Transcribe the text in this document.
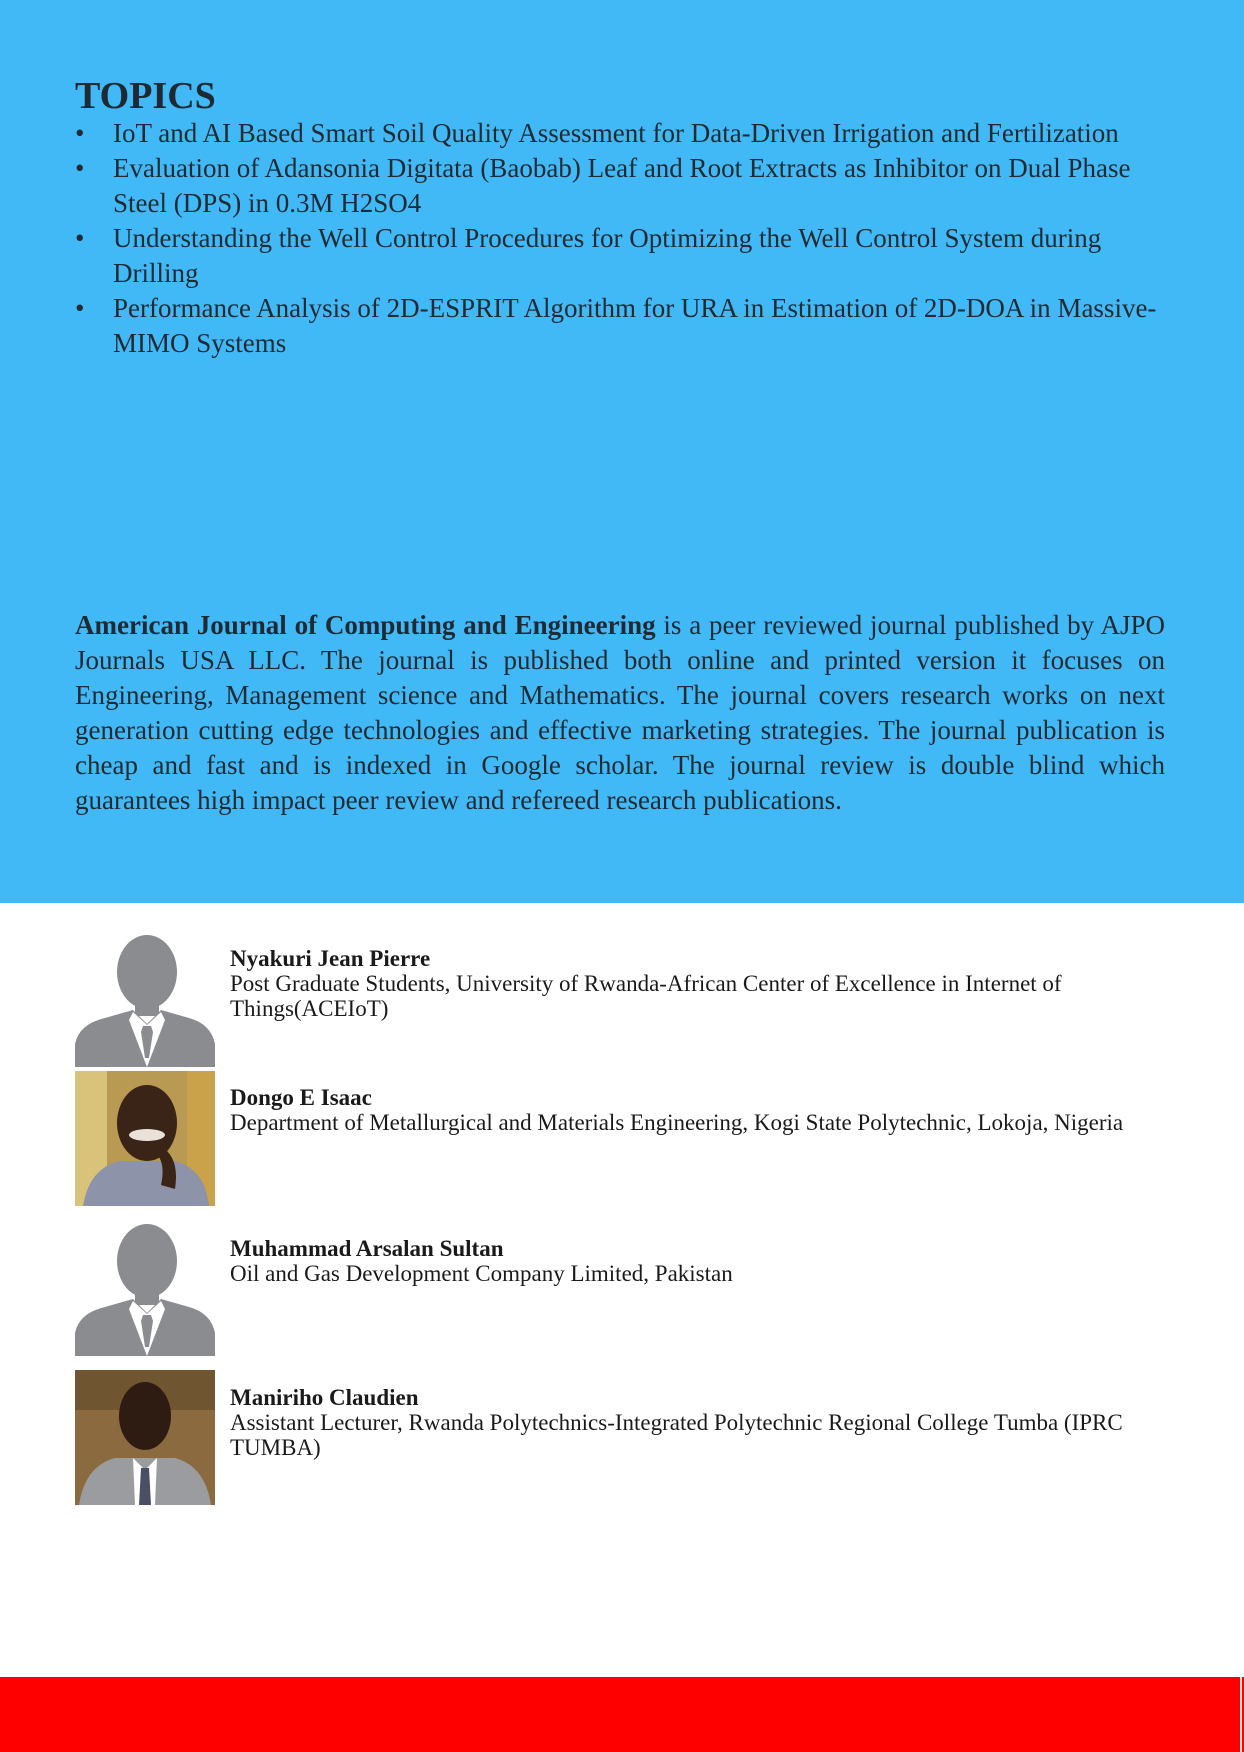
TOPICS
•	IoT and AI Based Smart Soil Quality Assessment for Data-Driven Irrigation and Fertilization
•	Evaluation of Adansonia Digitata (Baobab) Leaf and Root Extracts as Inhibitor on Dual Phase Steel (DPS) in 0.3M H2SO4
•	Understanding the Well Control Procedures for Optimizing the Well Control System during Drilling
•	Performance Analysis of 2D-ESPRIT Algorithm for URA in Estimation of 2D-DOA in Massive-MIMO Systems

American Journal of Computing and Engineering is a peer reviewed journal published by AJPO Journals USA LLC. The journal is published both online and printed version it focuses on Engineering, Management science and Mathematics. The journal covers research works on next generation cutting edge technologies and effective marketing strategies. The journal publication is cheap and fast and is indexed in Google scholar. The journal review is double blind which guarantees high impact peer review and refereed research publications.

Nyakuri Jean Pierre
Post Graduate Students, University of Rwanda-African Center of Excellence in Internet of Things(ACEIoT)
Dongo E Isaac
Department of Metallurgical and Materials Engineering, Kogi State Polytechnic, Lokoja, Nigeria
Muhammad Arsalan Sultan
Oil and Gas Development Company Limited, Pakistan
Maniriho Claudien
Assistant Lecturer, Rwanda Polytechnics-Integrated Polytechnic Regional College Tumba (IPRC TUMBA)
